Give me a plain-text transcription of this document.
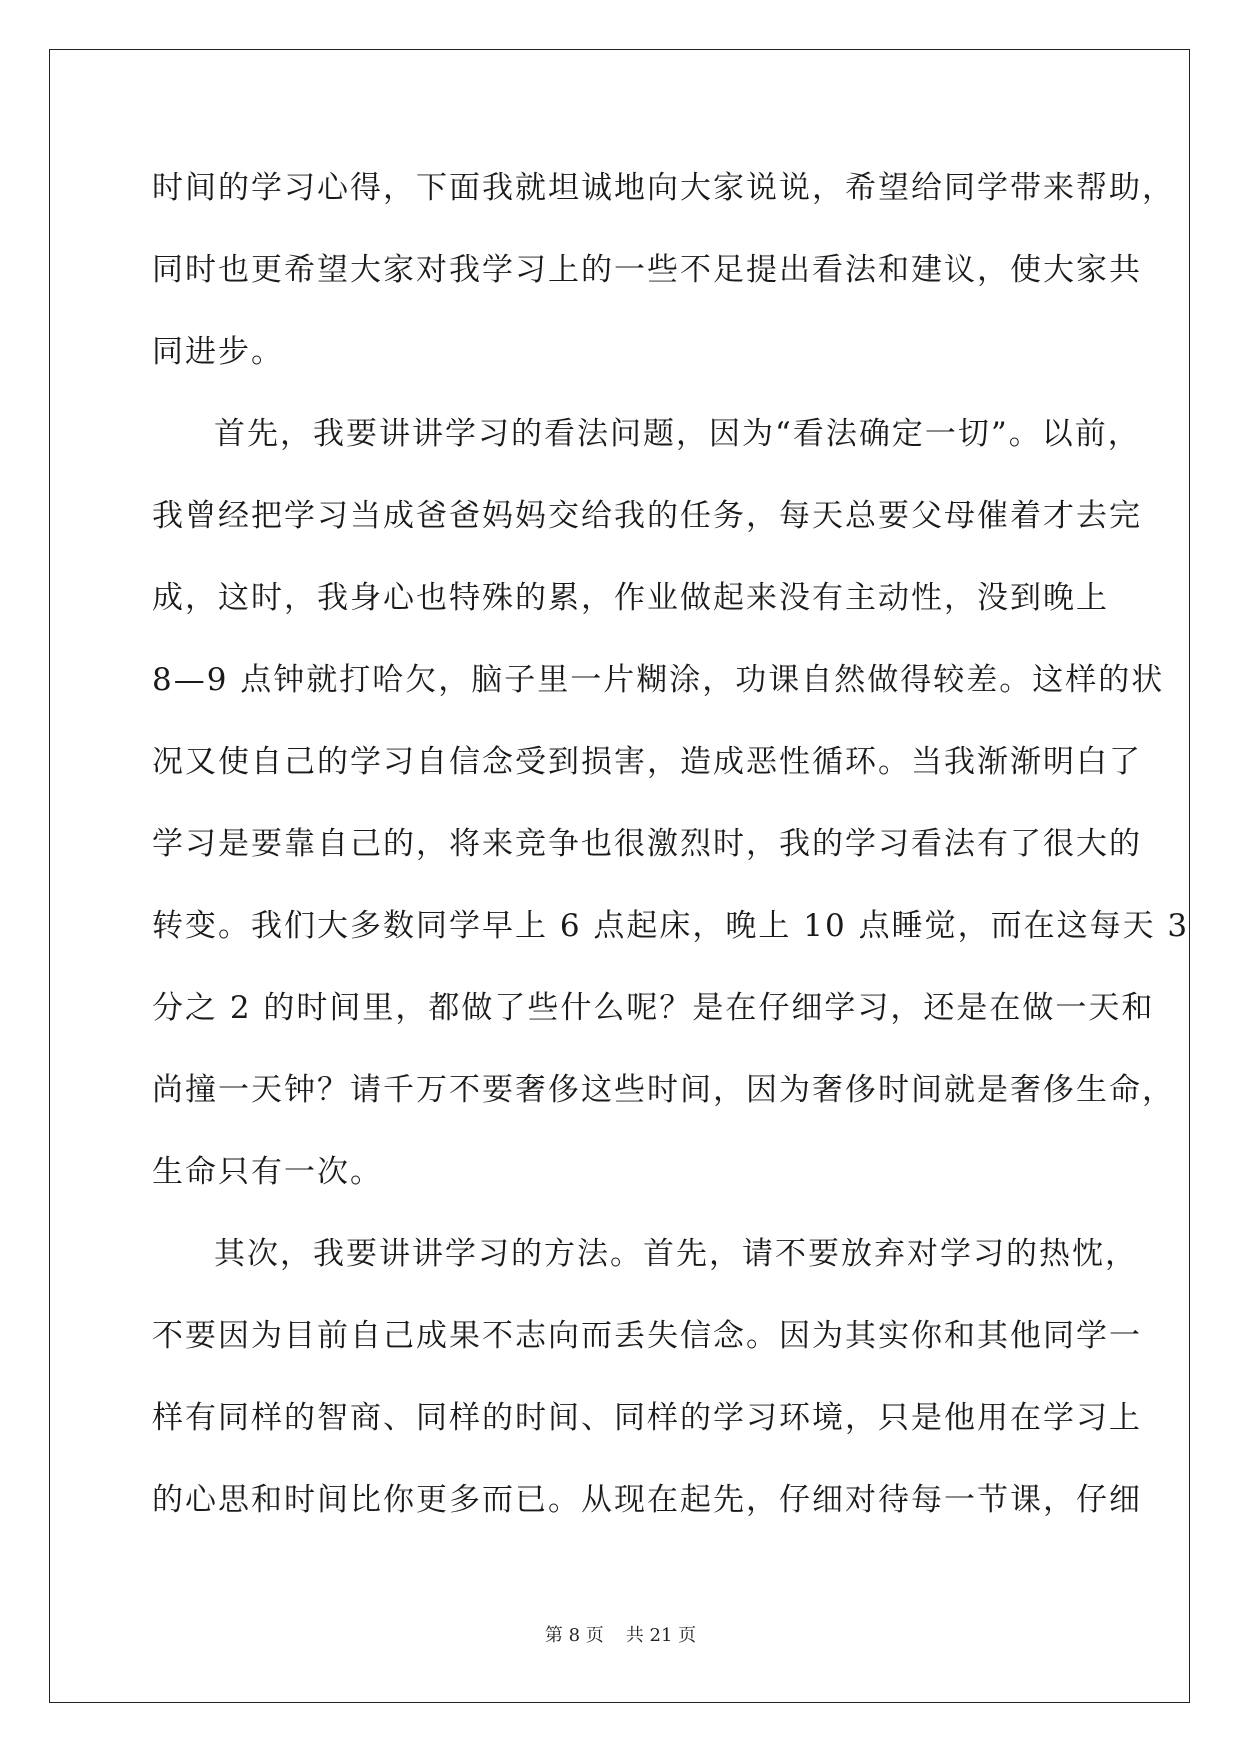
时间的学习心得，下面我就坦诚地向大家说说，希望给同学带来帮助，
同时也更希望大家对我学习上的一些不足提出看法和建议，使大家共
同进步。
首先，我要讲讲学习的看法问题，因为“看法确定一切”。以前，
我曾经把学习当成爸爸妈妈交给我的任务，每天总要父母催着才去完
成，这时，我身心也特殊的累，作业做起来没有主动性，没到晚上
8—9 点钟就打哈欠，脑子里一片糊涂，功课自然做得较差。这样的状
况又使自己的学习自信念受到损害，造成恶性循环。当我渐渐明白了
学习是要靠自己的，将来竞争也很激烈时，我的学习看法有了很大的
转变。我们大多数同学早上 6 点起床，晚上 10 点睡觉，而在这每天 3
分之 2 的时间里，都做了些什么呢？是在仔细学习，还是在做一天和
尚撞一天钟？请千万不要奢侈这些时间，因为奢侈时间就是奢侈生命，
生命只有一次。
其次，我要讲讲学习的方法。首先，请不要放弃对学习的热忱，
不要因为目前自己成果不志向而丢失信念。因为其实你和其他同学一
样有同样的智商、同样的时间、同样的学习环境，只是他用在学习上
的心思和时间比你更多而已。从现在起先，仔细对待每一节课，仔细
第 8 页 共 21 页
